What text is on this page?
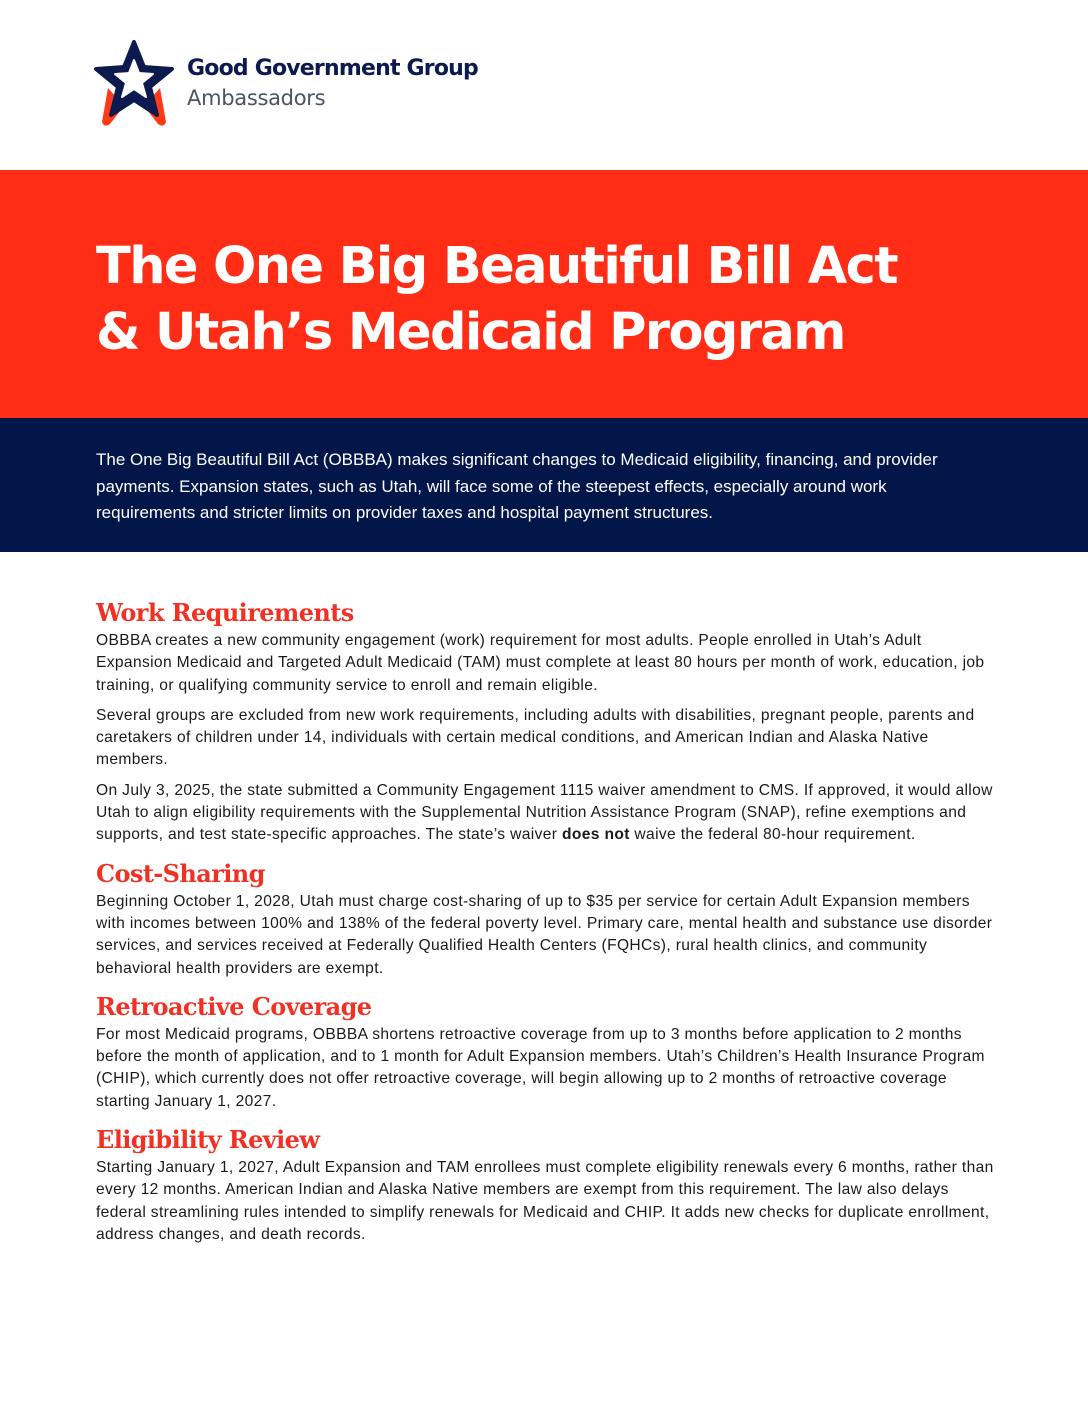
Good Government Group
Ambassadors
The One Big Beautiful Bill Act
& Utah’s Medicaid Program

The One Big Beautiful Bill Act (OBBBA) makes significant changes to Medicaid eligibility, financing, and provider payments. Expansion states, such as Utah, will face some of the steepest effects, especially around work requirements and stricter limits on provider taxes and hospital payment structures.

Work Requirements

OBBBA creates a new community engagement (work) requirement for most adults. People enrolled in Utah’s Adult Expansion Medicaid and Targeted Adult Medicaid (TAM) must complete at least 80 hours per month of work, education, job training, or qualifying community service to enroll and remain eligible.

Several groups are excluded from new work requirements, including adults with disabilities, pregnant people, parents and caretakers of children under 14, individuals with certain medical conditions, and American Indian and Alaska Native members.

On July 3, 2025, the state submitted a Community Engagement 1115 waiver amendment to CMS. If approved, it would allow Utah to align eligibility requirements with the Supplemental Nutrition Assistance Program (SNAP), refine exemptions and supports, and test state-specific approaches. The state’s waiver does not waive the federal 80-hour requirement.

Cost-Sharing

Beginning October 1, 2028, Utah must charge cost-sharing of up to $35 per service for certain Adult Expansion members with incomes between 100% and 138% of the federal poverty level. Primary care, mental health and substance use disorder services, and services received at Federally Qualified Health Centers (FQHCs), rural health clinics, and community behavioral health providers are exempt.

Retroactive Coverage

For most Medicaid programs, OBBBA shortens retroactive coverage from up to 3 months before application to 2 months before the month of application, and to 1 month for Adult Expansion members. Utah’s Children’s Health Insurance Program (CHIP), which currently does not offer retroactive coverage, will begin allowing up to 2 months of retroactive coverage starting January 1, 2027.

Eligibility Review

Starting January 1, 2027, Adult Expansion and TAM enrollees must complete eligibility renewals every 6 months, rather than every 12 months. American Indian and Alaska Native members are exempt from this requirement. The law also delays federal streamlining rules intended to simplify renewals for Medicaid and CHIP. It adds new checks for duplicate enrollment, address changes, and death records.
